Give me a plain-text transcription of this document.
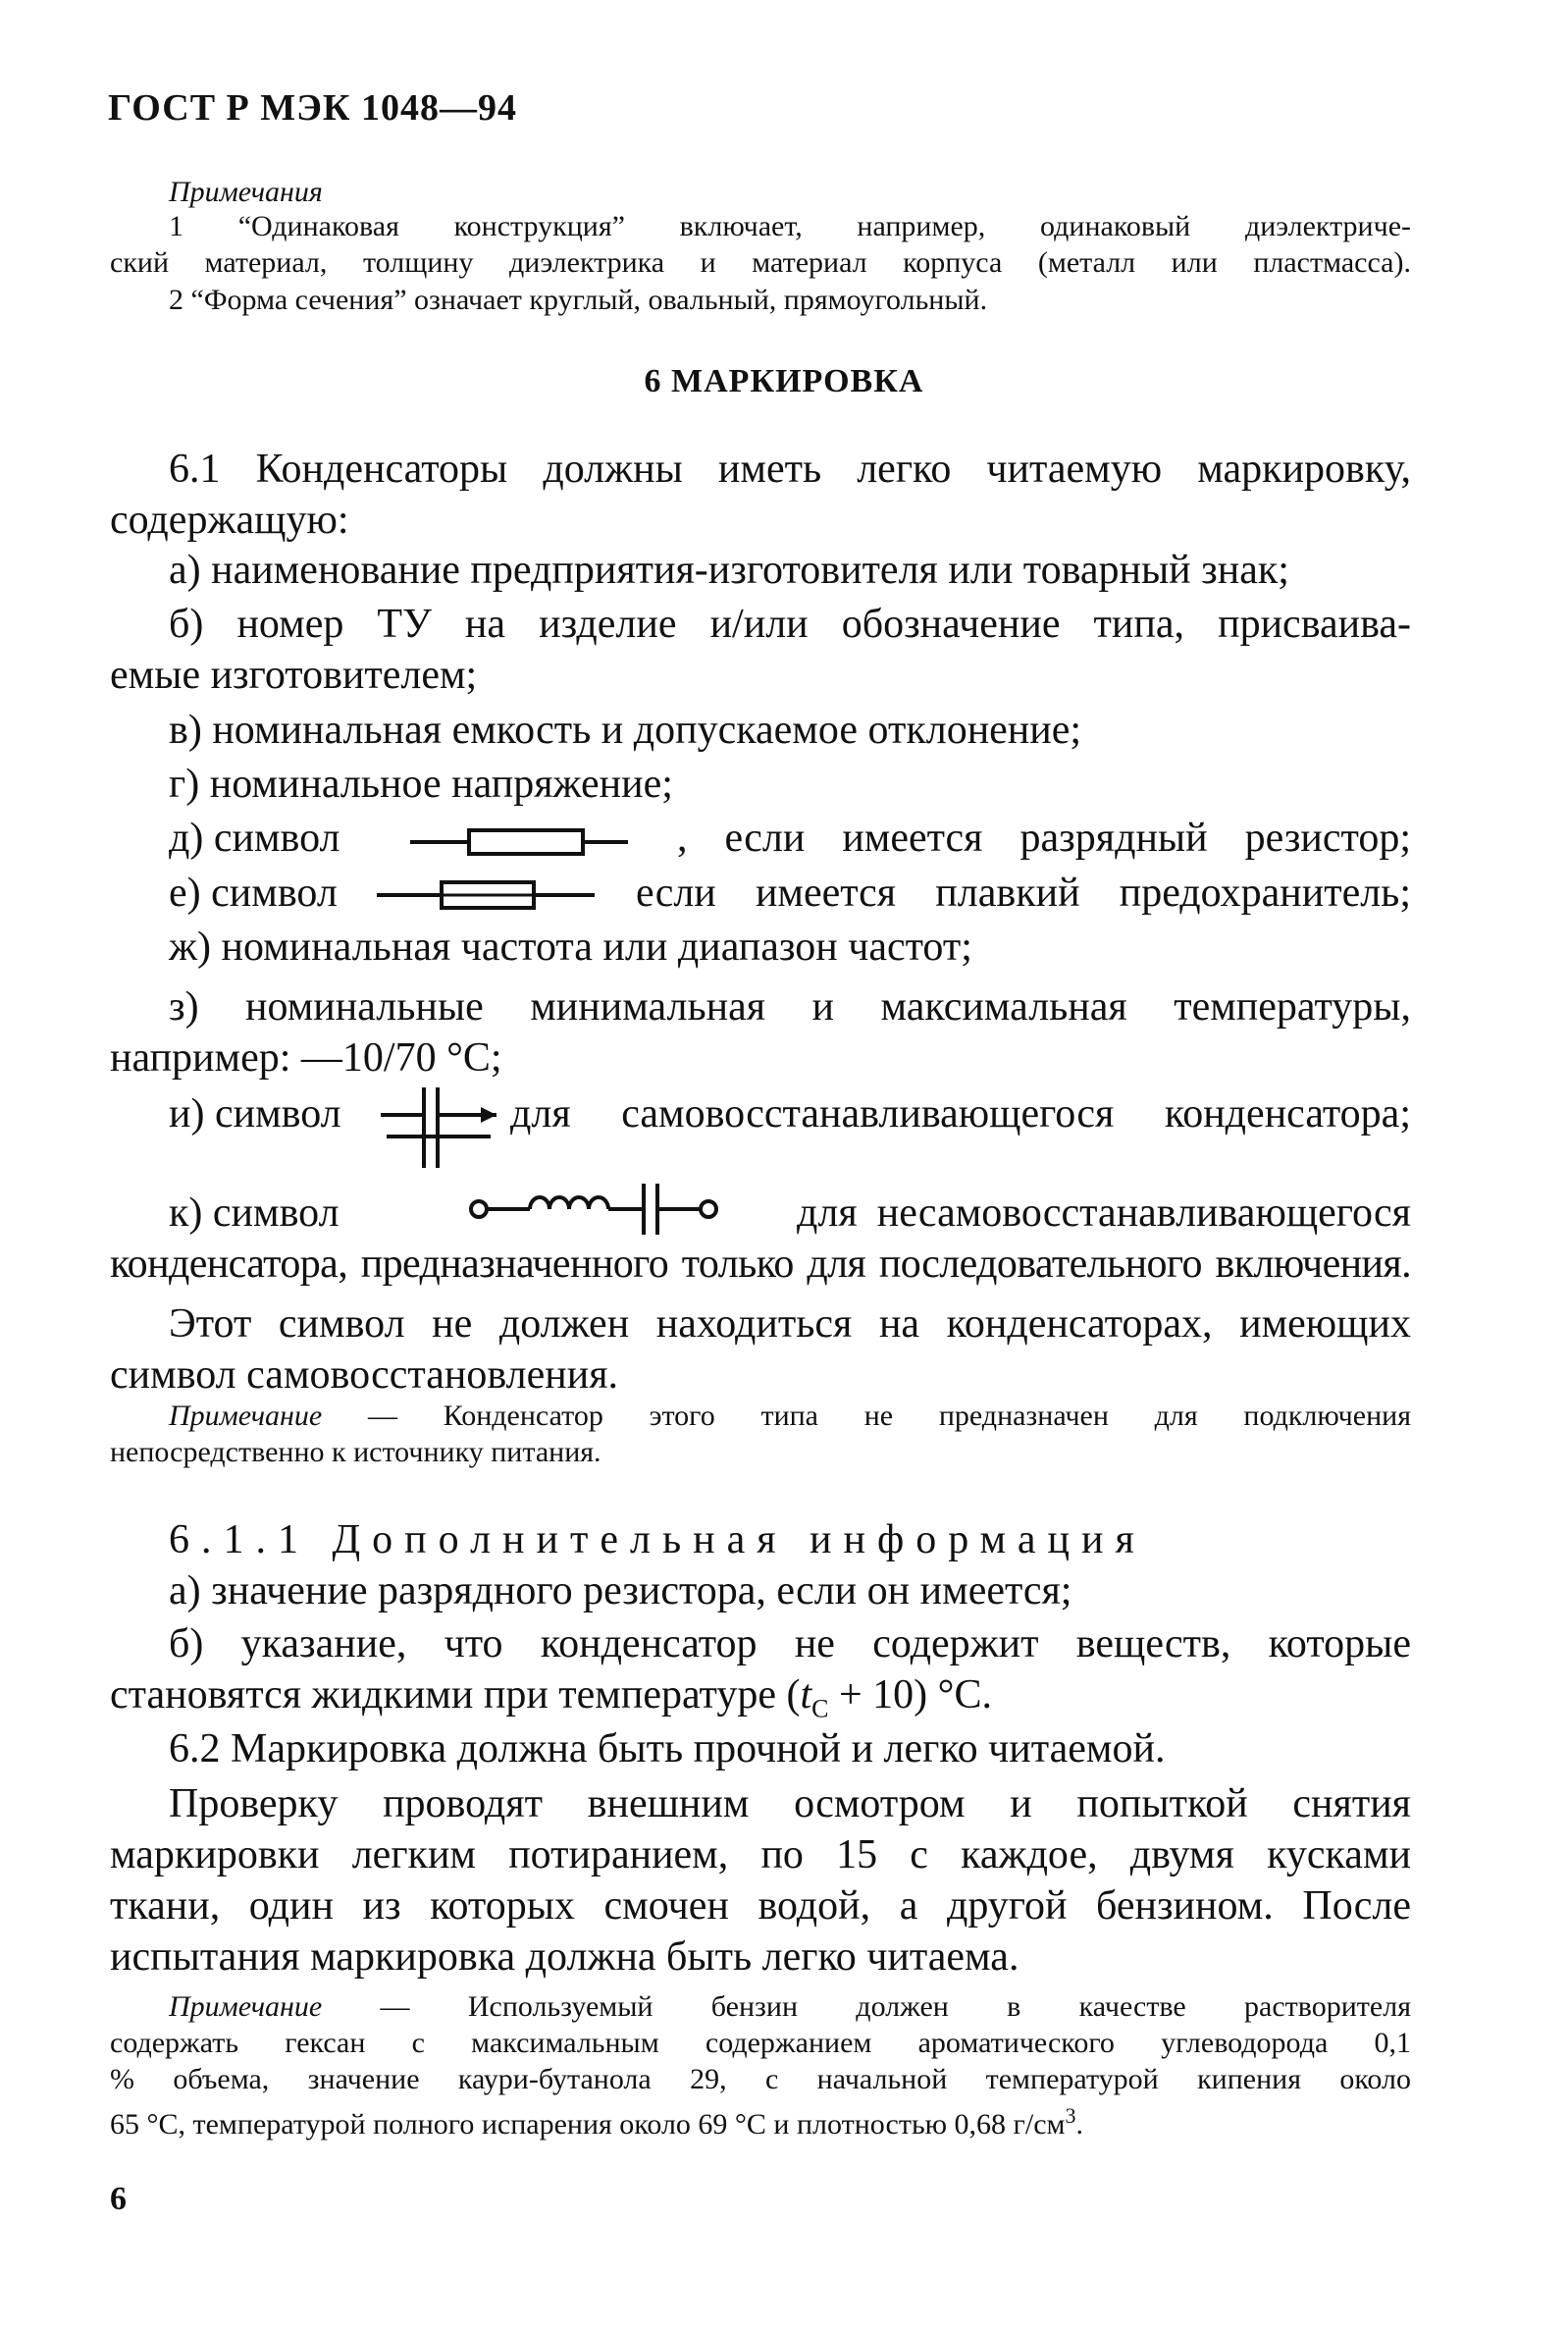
ГОСТ Р МЭК 1048—94
Примечания
1 “Одинаковая конструкция” включает, например, одинаковый диэлектриче-
ский материал, толщину диэлектрика и материал корпуса (металл или пластмасса).
2 “Форма сечения” означает круглый, овальный, прямоугольный.
6 МАРКИРОВКА
6.1 Конденсаторы должны иметь легко читаемую маркировку,
содержащую:
а) наименование предприятия-изготовителя или товарный знак;
б) номер ТУ на изделие и/или обозначение типа, присваива-
емые изготовителем;
в) номинальная емкость и допускаемое отклонение;
г) номинальное напряжение;
д) символ	, если имеется разрядный резистор;
е) символ	если имеется плавкий предохранитель;
ж) номинальная частота или диапазон частот;
з) номинальные минимальная и максимальная температуры,
например: —10/70 °С;
и) символ	для самовосстанавливающегося конденсатора;
к) символ	для несамовосстанавливающегося
конденсатора, предназначенного только для последовательного включения.
Этот символ не должен находиться на конденсаторах, имеющих
символ самовосстановления.
Примечание — Конденсатор этого типа не предназначен для подключения
непосредственно к источнику питания.
6.1.1 Дополнительная информация
а) значение разрядного резистора, если он имеется;
б) указание, что конденсатор не содержит веществ, которые
становятся жидкими при температуре $(t_C + 10)$ °С.
6.2 Маркировка должна быть прочной и легко читаемой.
Проверку проводят внешним осмотром и попыткой снятия
маркировки легким потиранием, по 15 с каждое, двумя кусками
ткани, один из которых смочен водой, а другой бензином. После
испытания маркировка должна быть легко читаема.
Примечание — Используемый бензин должен в качестве растворителя
содержать гексан с максимальным содержанием ароматического углеводорода 0,1
% объема, значение каури-бутанола 29, с начальной температурой кипения около
65 °С, температурой полного испарения около 69 °С и плотностью 0,68 $г/см^3$.
6
